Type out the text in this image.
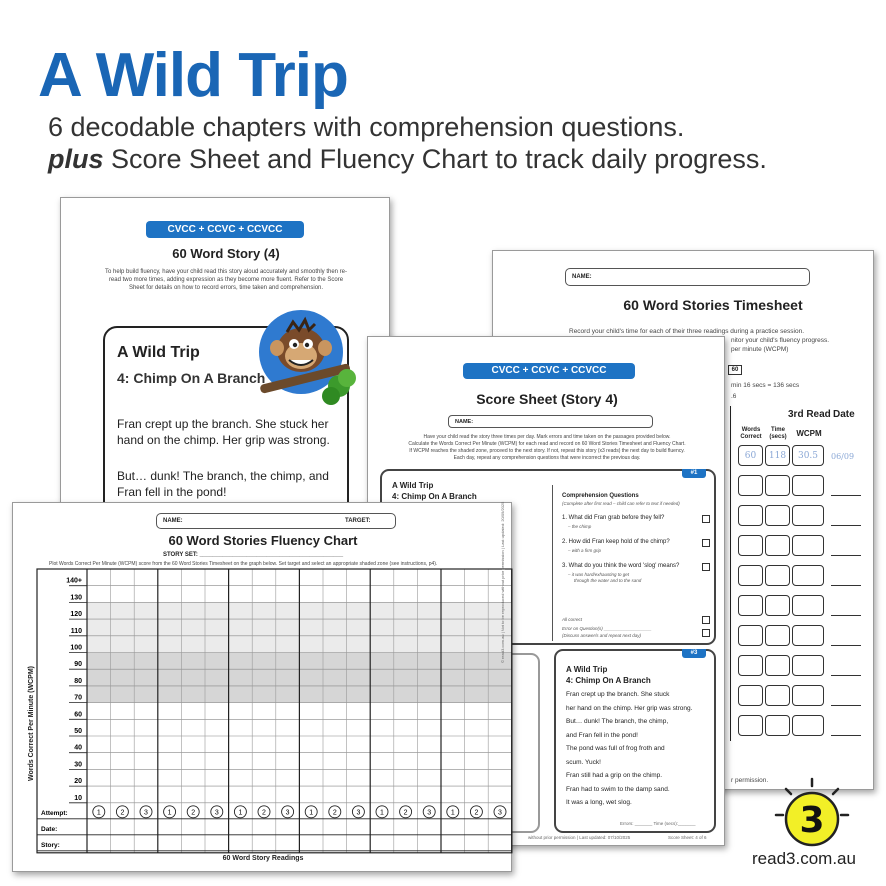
A Wild Trip
6 decodable chapters with comprehension questions.
plus Score Sheet and Fluency Chart to track daily progress.
NAME:
60 Word Stories Timesheet
Record your child's time for each of their three readings during a practice session.
nitor your child's fluency progress.
per minute (WCPM)
60
min 16 secs = 136 secs
.6
3rd Read Date
Words Correct
Time (secs)	WCPM
60	118	30.5	06/09
r permission.
CVCC + CCVC + CCVCC
60 Word Story (4)
To help build fluency, have your child read this story aloud accurately and smoothly then re-read two more times, adding expression as they become more fluent. Refer to the Score Sheet for details on how to record errors, time taken and comprehension.
A Wild Trip
4: Chimp On A Branch
Fran crept up the branch. She stuck her hand on the chimp. Her grip was strong.
But… dunk! The branch, the chimp, and Fran fell in the pond!
CVCC + CCVC + CCVCC
Score Sheet (Story 4)
NAME:
Have your child read the story three times per day. Mark errors and time taken on the passages provided below.
Calculate the Words Correct Per Minute (WCPM) for each read and record on 60 Word Stories Timesheet and Fluency Chart.
If WCPM reaches the shaded zone, proceed to the next story. If not, repeat this story (x3 reads) the next day to build fluency.
Each day, repeat any comprehension questions that were incorrect the previous day.
#1
A Wild Trip
4: Chimp On A Branch	Comprehension Questions
(Complete after first read – child can refer to text if needed)
1. What did Fran grab before they fell?
– the chimp
2. How did Fran keep hold of the chimp?
– with a firm grip
3. What do you think the word 'slog' means?
– it was hard/exhausting to get
through the water and to the sand
All correct
Error on Question(s) ___________________
(Discuss answer/s and repeat next day)
#3
A Wild Trip
4: Chimp On A Branch
Fran crept up the branch. She stuck
her hand on the chimp. Her grip was strong.
But… dunk! The branch, the chimp,
and Fran fell in the pond!
The pond was full of frog froth and
scum. Yuck!
Fran still had a grip on the chimp.
Fran had to swim to the damp sand.
It was a long, wet slog.
Errors: _______ Time (secs):_______
without prior permission | Last updated: 07/10/2025	Score Sheet: 4 of 6
NAME:	TARGET:
60 Word Stories Fluency Chart
STORY SET: ___________________________________________
Plot Words Correct Per Minute (WCPM) score from the 60 Word Stories Timesheet on the graph below. Set target and select an appropriate shaded zone (see instructions, p4).
140+
130
120
110
100
90
80
70
60
50
40
30
20
10
Attempt:
Date:
Story:
1	2	3	1	2	3	1	2	3	1	2	3	1	2	3	1	2	3
Words Correct Per Minute (WCPM)
60 Word Story Readings
© read3.com.au | Not to be reproduced without prior permission | Last updated: 20/09/2025
3
read3.com.au
